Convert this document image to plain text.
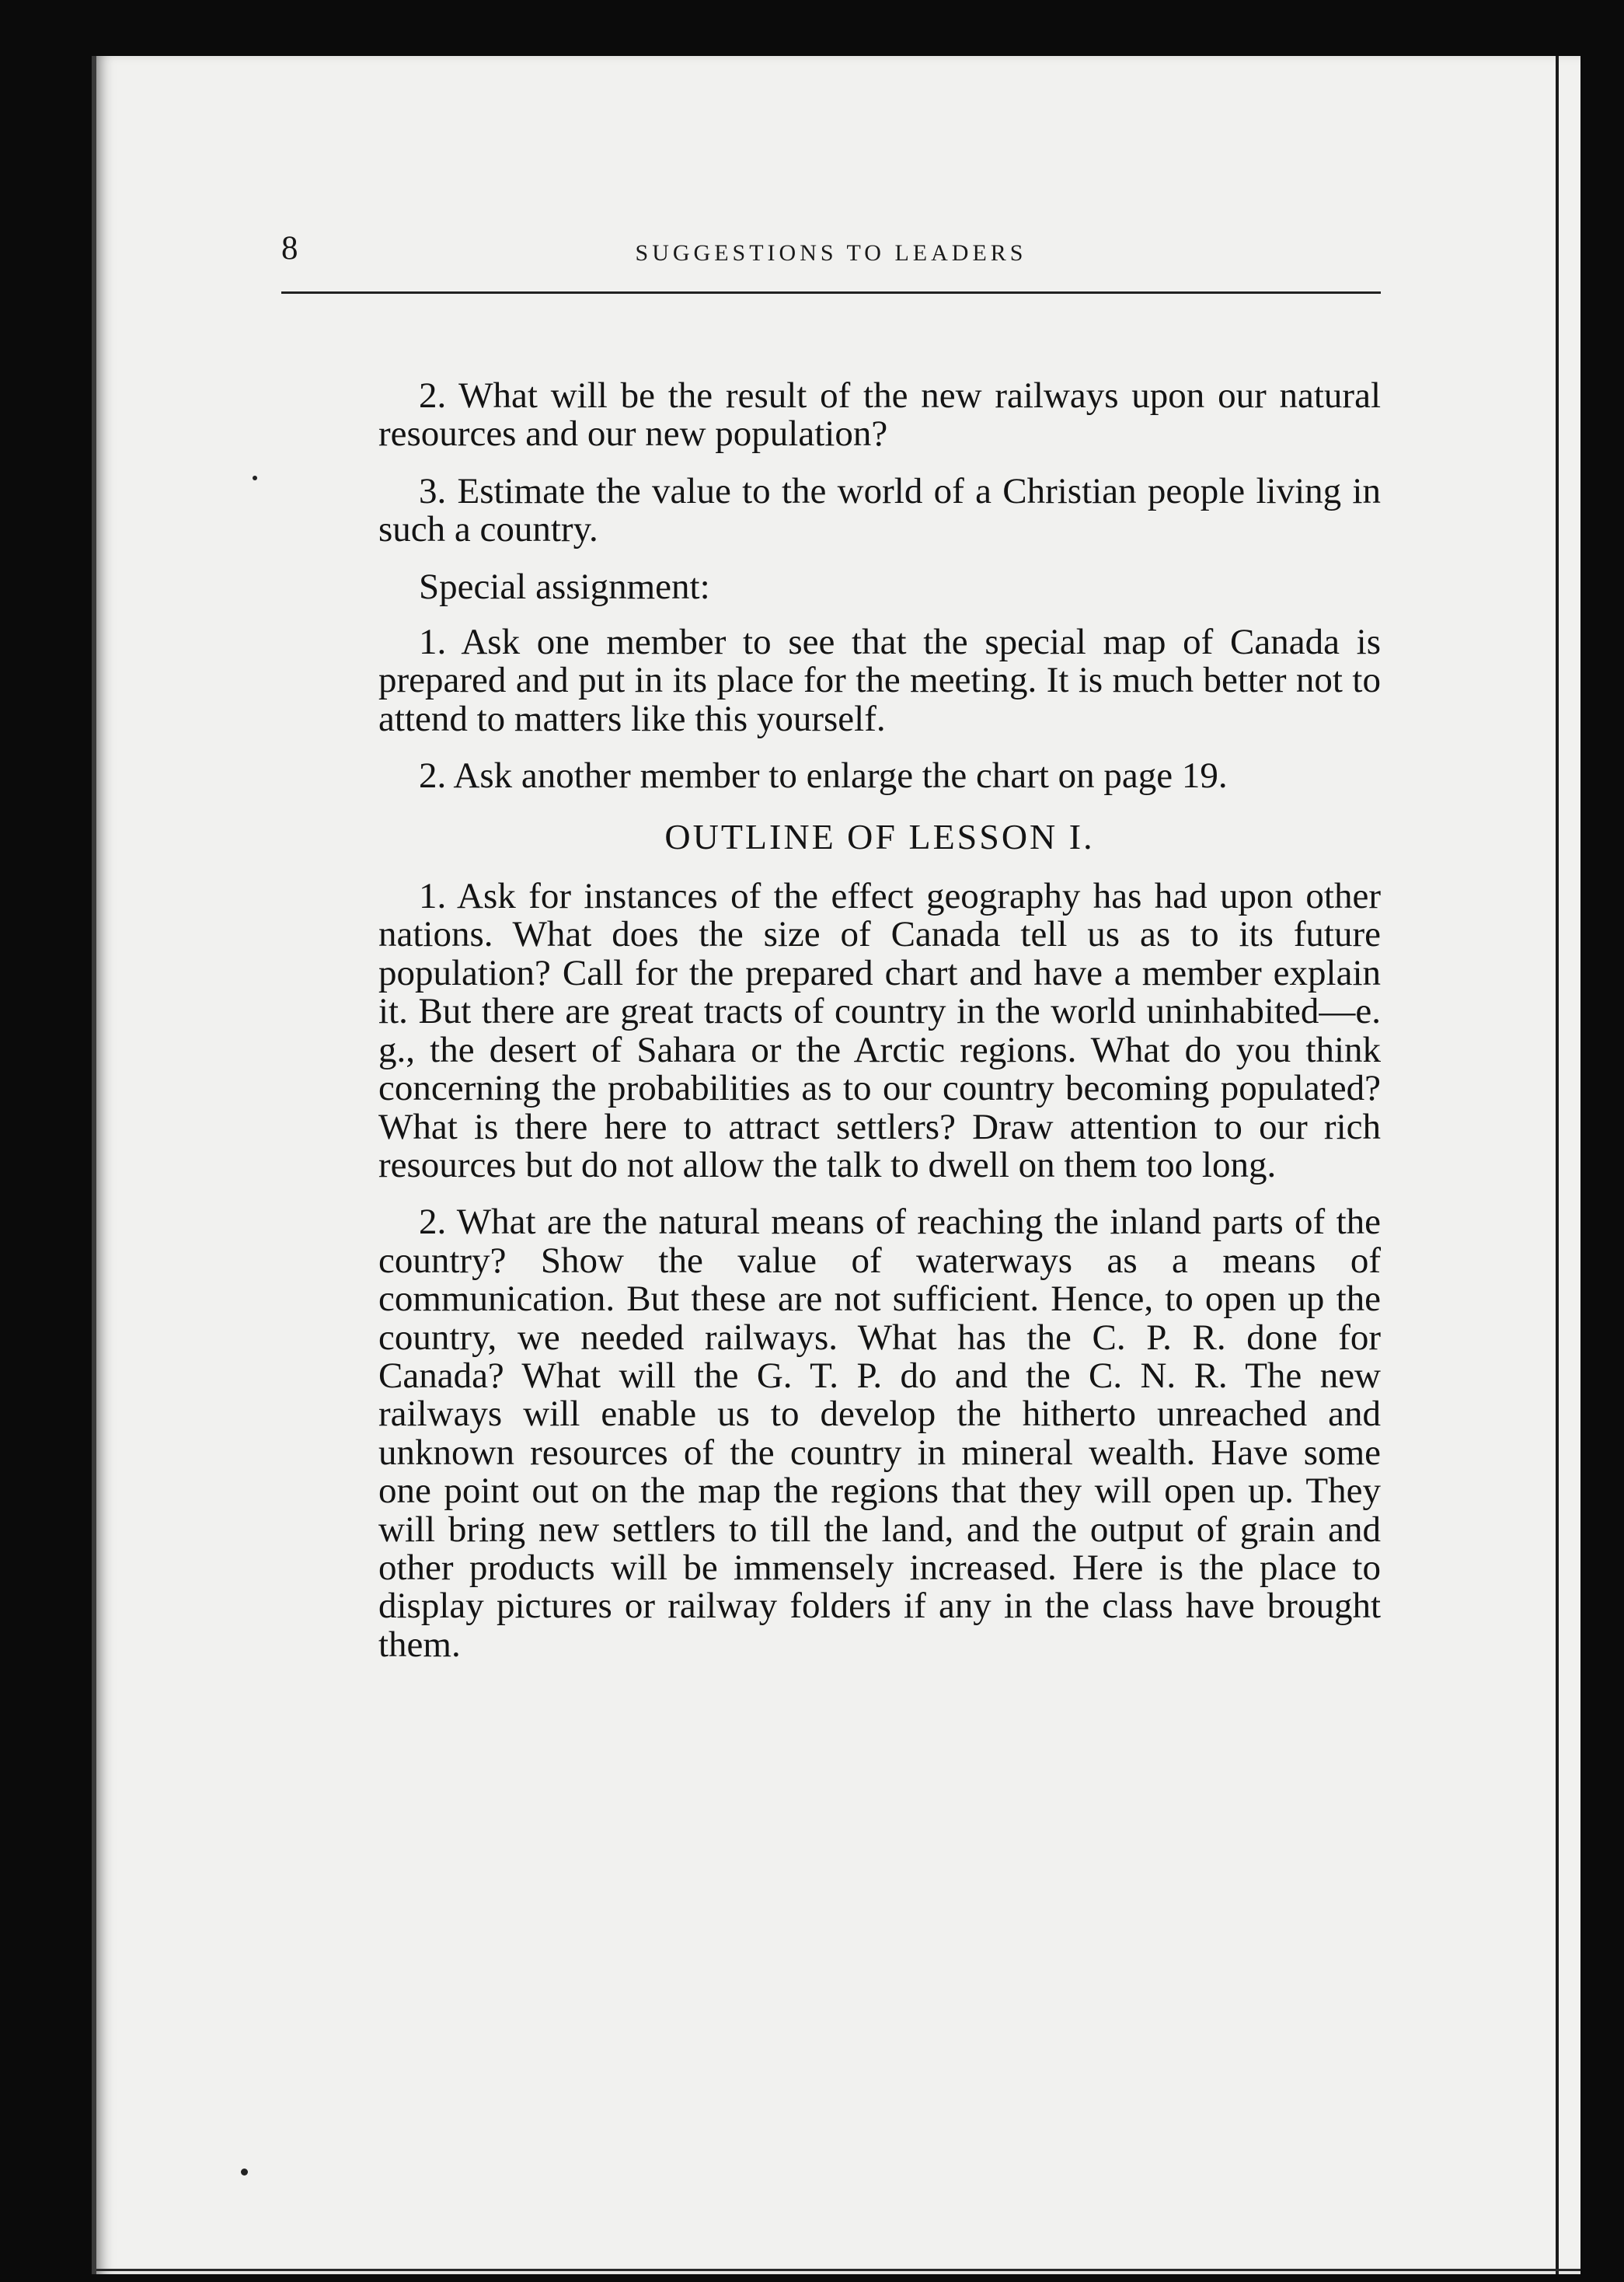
8	SUGGESTIONS TO LEADERS

2. What will be the result of the new railways upon our natural resources and our new population?

3. Estimate the value to the world of a Christian people living in such a country.

Special assignment:

1. Ask one member to see that the special map of Canada is prepared and put in its place for the meeting. It is much better not to attend to matters like this yourself.

2. Ask another member to enlarge the chart on page 19.

OUTLINE OF LESSON I.

1. Ask for instances of the effect geography has had upon other nations. What does the size of Canada tell us as to its future population? Call for the prepared chart and have a member explain it. But there are great tracts of country in the world uninhabited—e. g., the desert of Sahara or the Arctic regions. What do you think concerning the probabilities as to our country becoming populated? What is there here to attract settlers? Draw attention to our rich resources but do not allow the talk to dwell on them too long.

2. What are the natural means of reaching the inland parts of the country? Show the value of waterways as a means of communication. But these are not sufficient. Hence, to open up the country, we needed railways. What has the C. P. R. done for Canada? What will the G. T. P. do and the C. N. R. The new railways will enable us to develop the hitherto unreached and unknown resources of the country in mineral wealth. Have some one point out on the map the regions that they will open up. They will bring new settlers to till the land, and the output of grain and other products will be immensely increased. Here is the place to display pictures or railway folders if any in the class have brought them.
